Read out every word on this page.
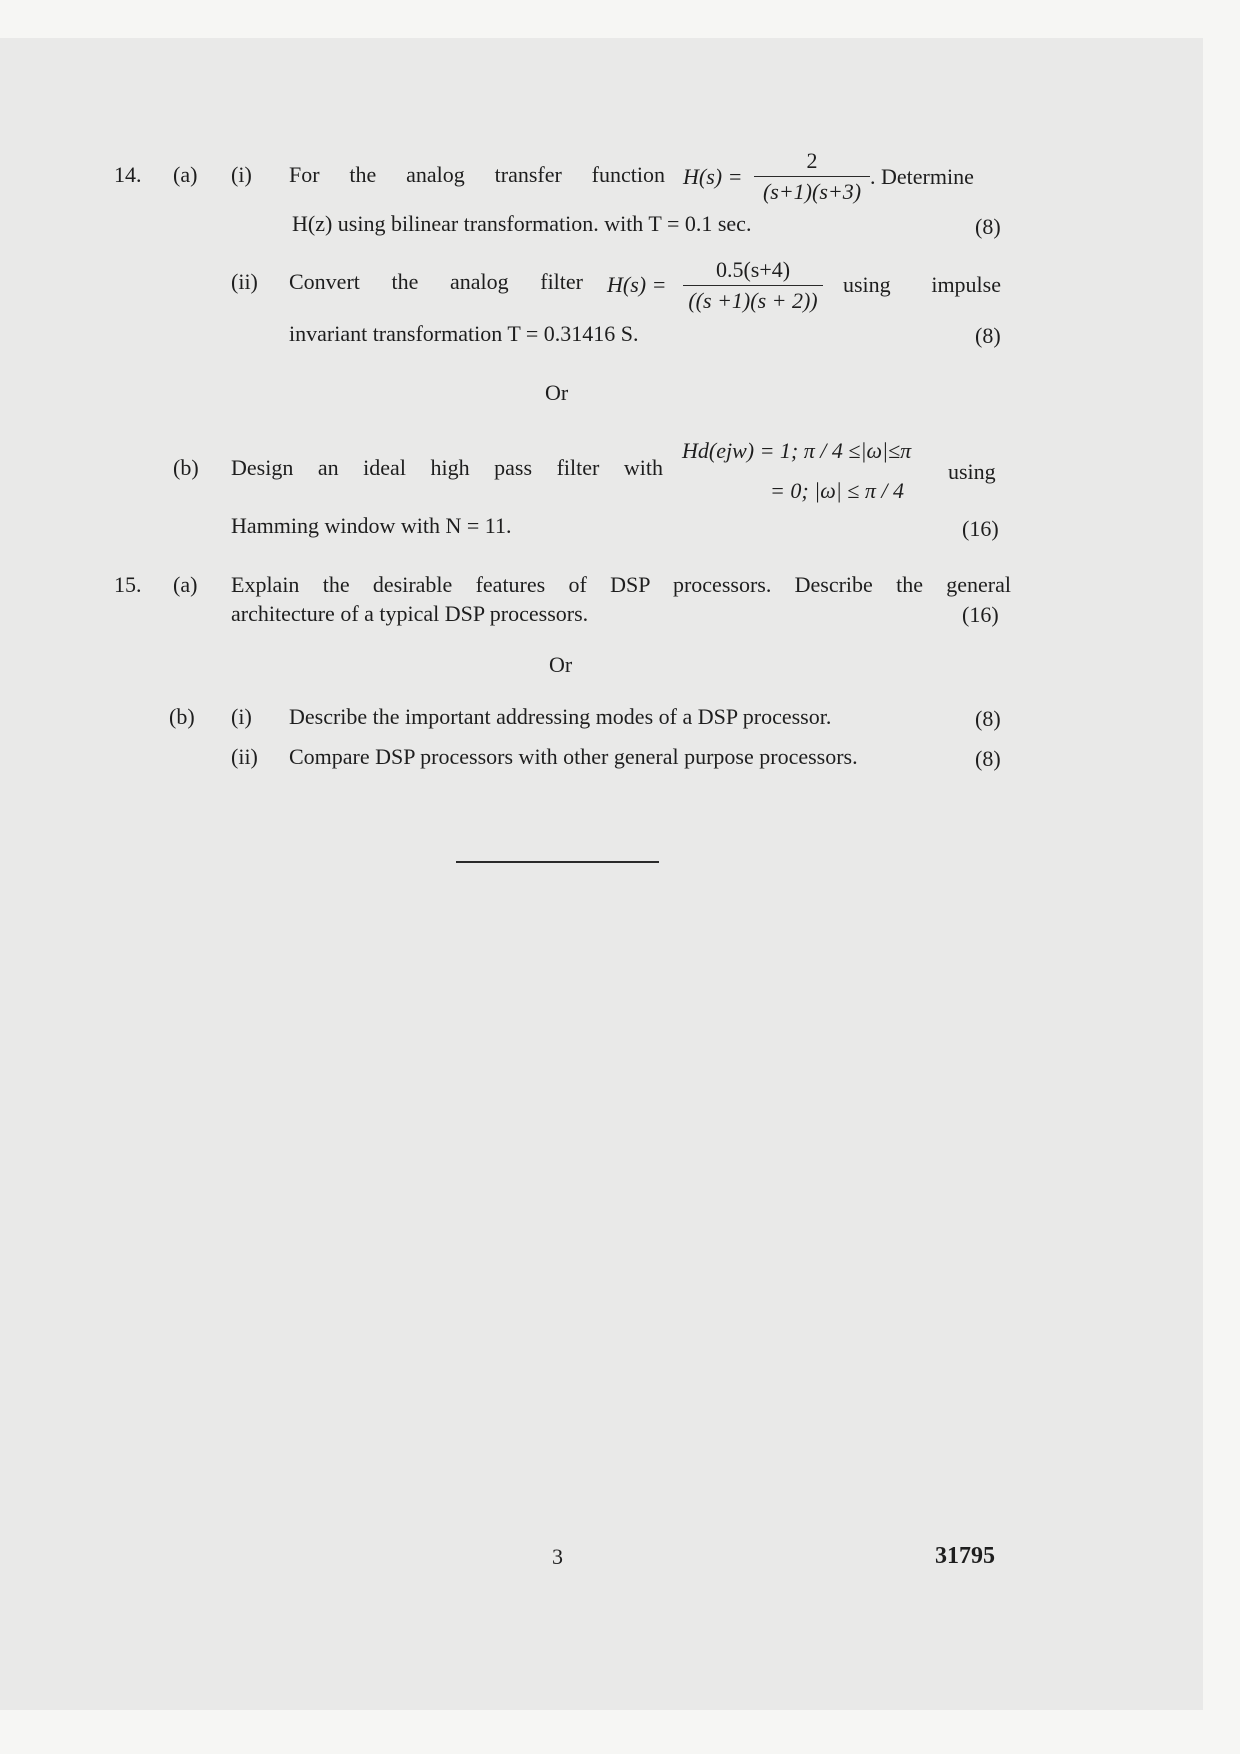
14. (a) (i) For the analog transfer function H(s) =
2
(s+1)(s+3)
. Determine
H(z) using bilinear transformation. with T = 0.1 sec.	(8)
(ii) Convert the analog filter H(s) =
0.5(s+4)
((s +1)(s + 2))
using impulse
invariant transformation T = 0.31416 S.	(8)
Or
(b) Design an ideal high pass filter with
Hd(ejw) = 1; π / 4 ≤|ω|≤π
= 0; |ω| ≤ π / 4
using
Hamming window with N = 11.	(16)
15. (a) Explain the desirable features of DSP processors. Describe the general
architecture of a typical DSP processors.	(16)
Or
(b) (i) Describe the important addressing modes of a DSP processor.	(8)
(ii) Compare DSP processors with other general purpose processors.	(8)
3	31795
